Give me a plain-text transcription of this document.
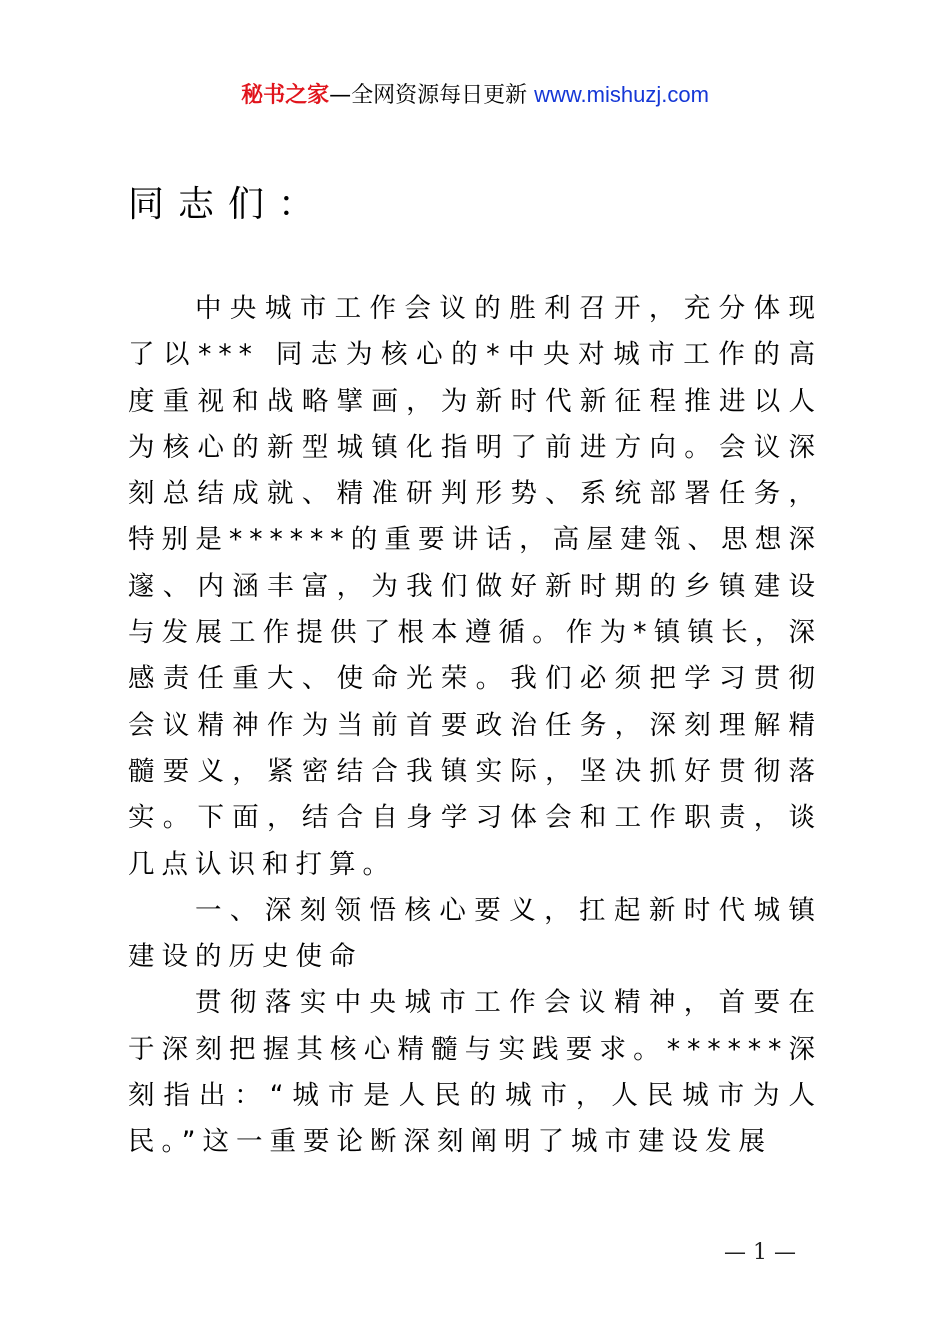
秘书之家—全网资源每日更新 www.mishuzj.com
同志们：

中央城市工作会议的胜利召开，充分体现了以*** 同志为核心的*中央对城市工作的高度重视和战略擘画，为新时代新征程推进以人为核心的新型城镇化指明了前进方向。会议深刻总结成就、精准研判形势、系统部署任务，特别是******的重要讲话，高屋建瓴、思想深邃、内涵丰富，为我们做好新时期的乡镇建设与发展工作提供了根本遵循。作为*镇镇长，深感责任重大、使命光荣。我们必须把学习贯彻会议精神作为当前首要政治任务，深刻理解精髓要义，紧密结合我镇实际，坚决抓好贯彻落实。下面，结合自身学习体会和工作职责，谈几点认识和打算。

一、深刻领悟核心要义，扛起新时代城镇建设的历史使命

贯彻落实中央城市工作会议精神，首要在于深刻把握其核心精髓与实践要求。******深刻指出：“城市是人民的城市，人民城市为人民。”这一重要论断深刻阐明了城市建设发展

— 1 —
